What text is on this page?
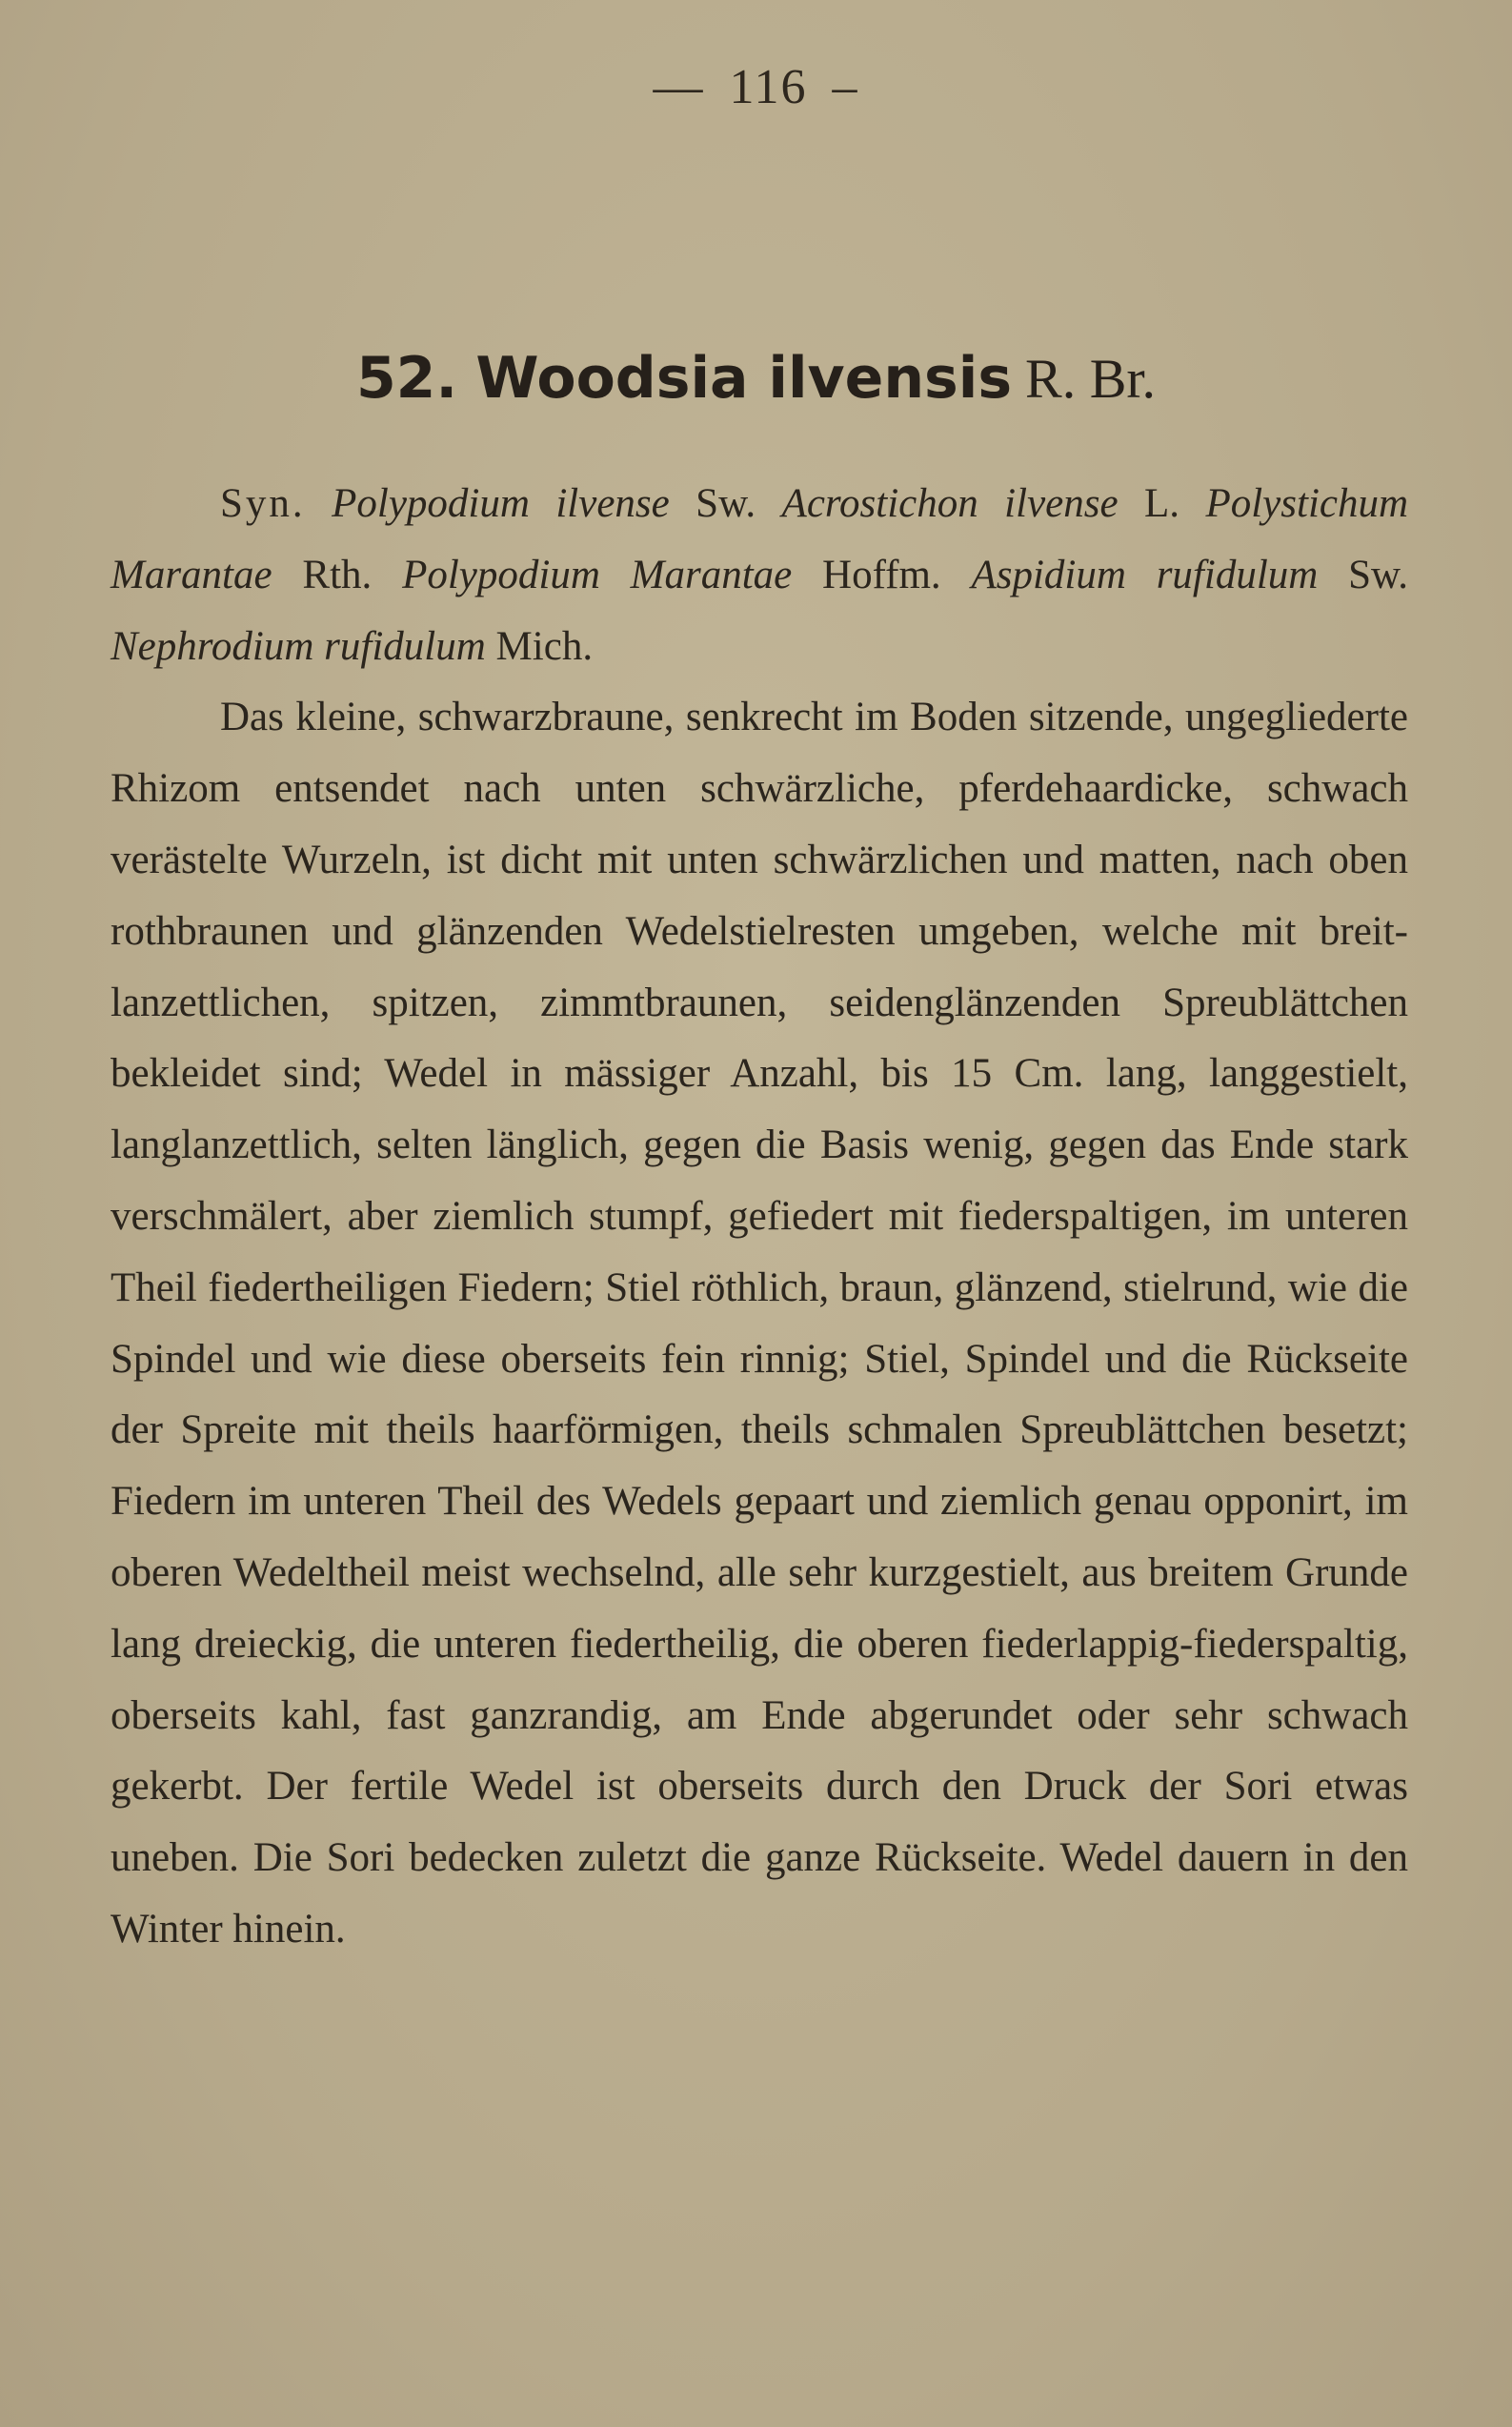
— 116 –
52. Woodsia ilvensis R. Br.

Syn. Polypodium ilvense Sw. Acrostichon ilvense L. Polystichum Marantae Rth. Polypodium Marantae Hoffm. Aspidium rufidulum Sw. Nephrodium rufidulum Mich.

Das kleine, schwarzbraune, senkrecht im Boden sitzende, ungegliederte Rhizom entsendet nach unten schwärzliche, pferdehaardicke, schwach verästelte Wurzeln, ist dicht mit unten schwärzlichen und matten, nach oben rothbraunen und glänzenden Wedelstielresten umgeben, welche mit breit-lanzettlichen, spitzen, zimmtbraunen, seidenglänzenden Spreublättchen bekleidet sind; Wedel in mässiger Anzahl, bis 15 Cm. lang, langgestielt, langlanzettlich, selten länglich, gegen die Basis wenig, gegen das Ende stark verschmälert, aber ziemlich stumpf, gefiedert mit fiederspaltigen, im unteren Theil fiedertheiligen Fiedern; Stiel röthlich, braun, glänzend, stielrund, wie die Spindel und wie diese oberseits fein rinnig; Stiel, Spindel und die Rückseite der Spreite mit theils haarförmigen, theils schmalen Spreublättchen besetzt; Fiedern im unteren Theil des Wedels gepaart und ziemlich genau opponirt, im oberen Wedeltheil meist wechselnd, alle sehr kurzgestielt, aus breitem Grunde lang dreieckig, die unteren fiedertheilig, die oberen fiederlappig-fiederspaltig, oberseits kahl, fast ganzrandig, am Ende abgerundet oder sehr schwach gekerbt. Der fertile Wedel ist oberseits durch den Druck der Sori etwas uneben. Die Sori bedecken zuletzt die ganze Rückseite. Wedel dauern in den Winter hinein.
